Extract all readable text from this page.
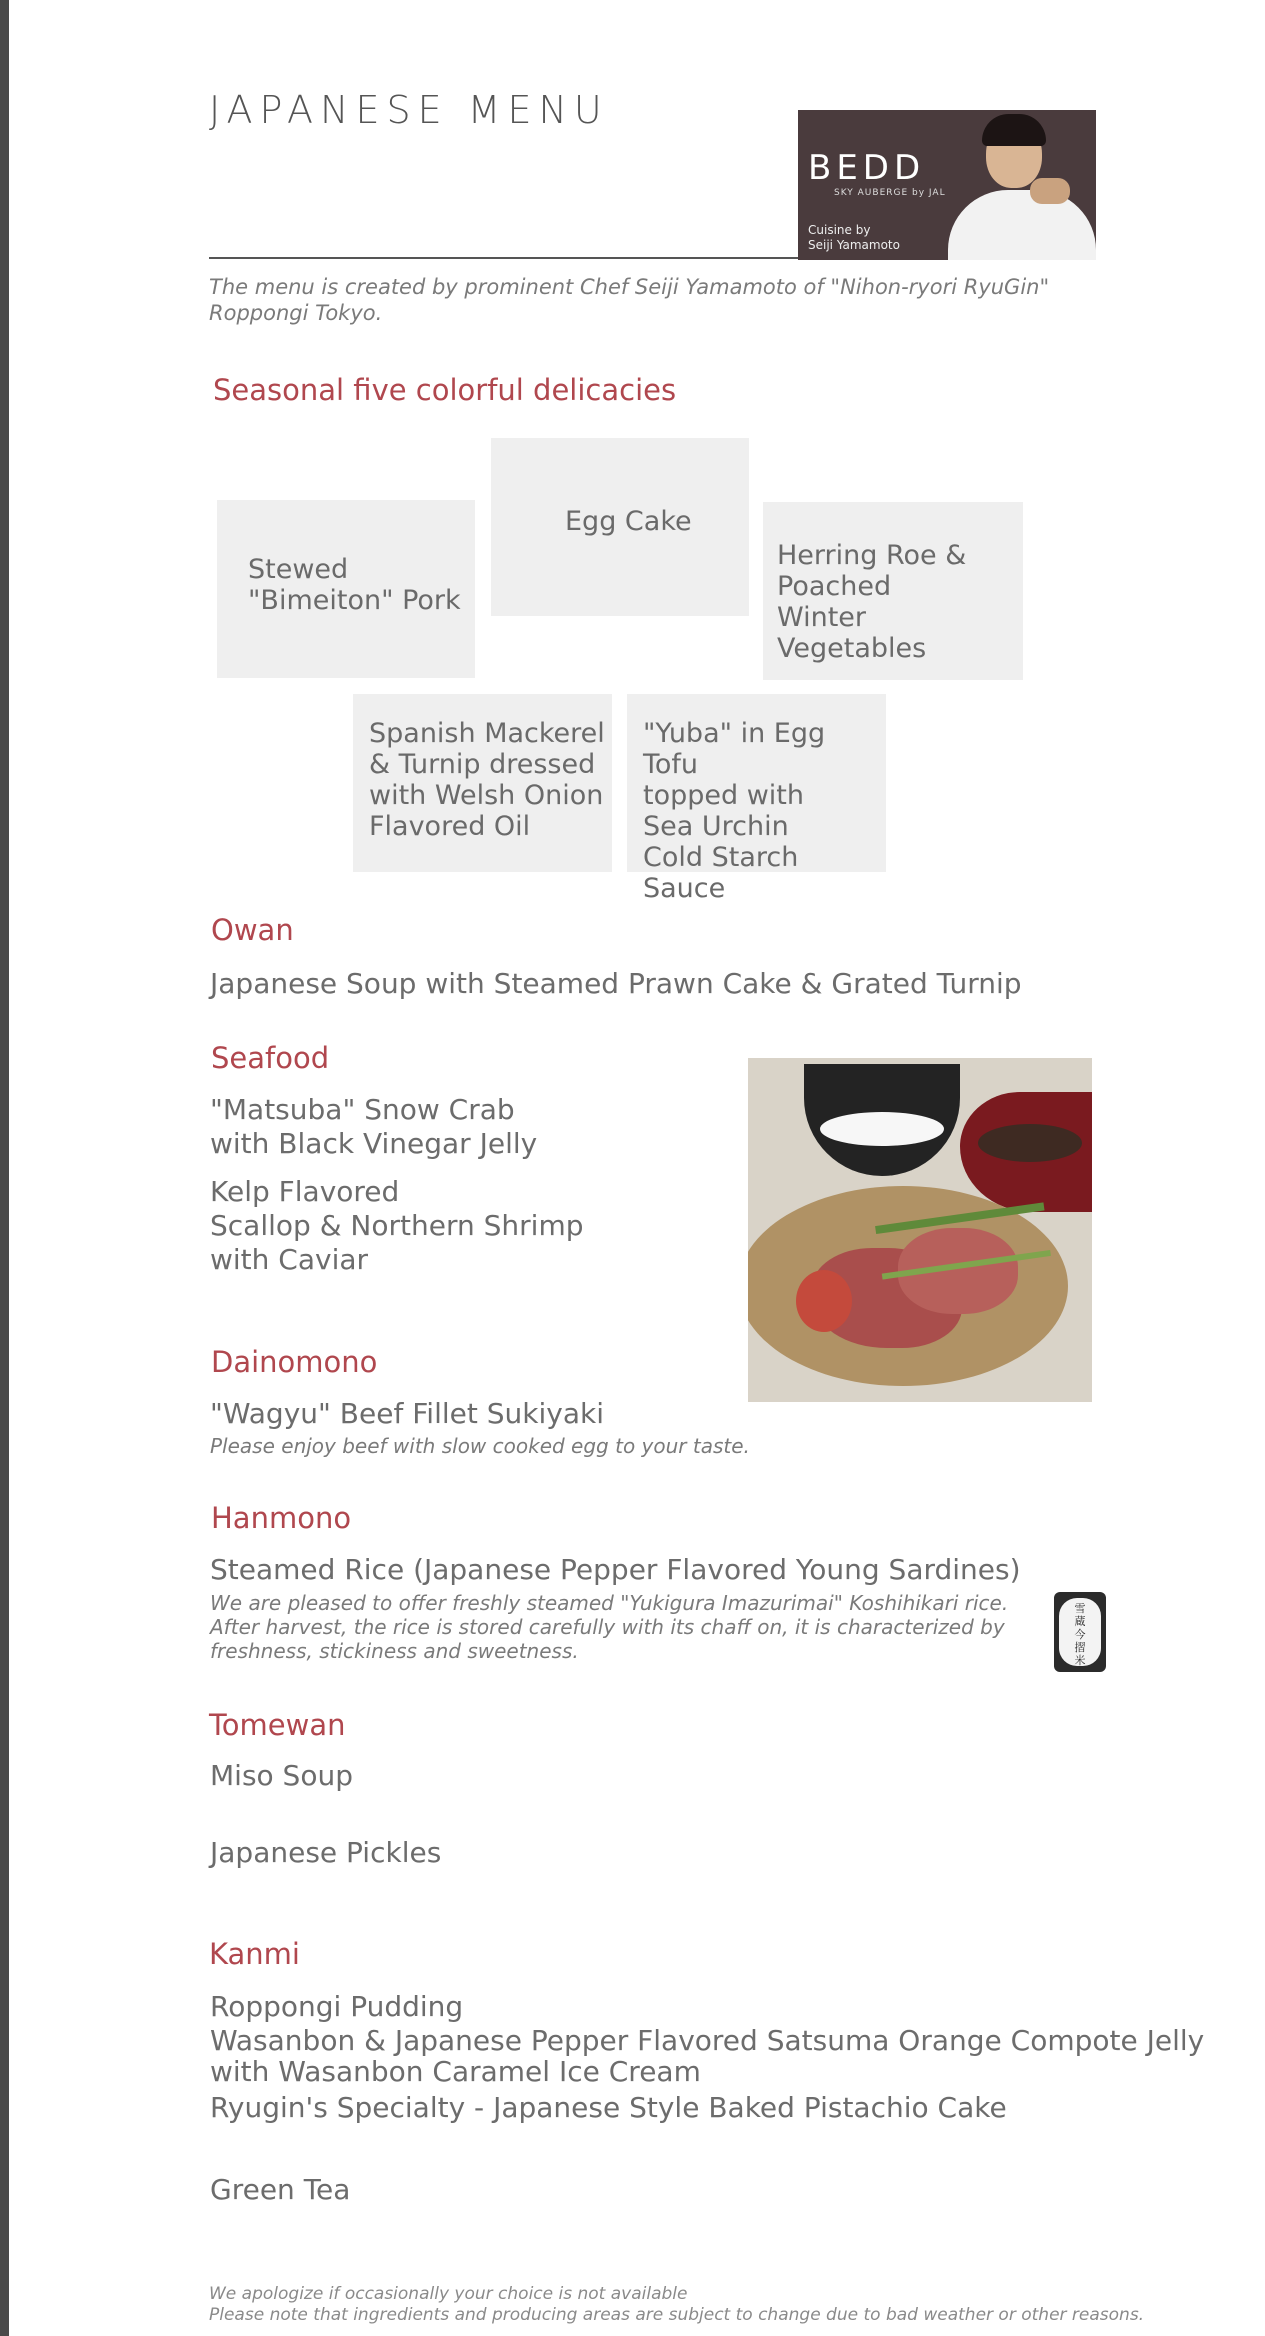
JAPANESE MENU
BEDD
SKY AUBERGE by JAL
Cuisine by
Seiji Yamamoto
The menu is created by prominent Chef Seiji Yamamoto of "Nihon-ryori RyuGin" Roppongi Tokyo.
Seasonal five colorful delicacies
Stewed
"Bimeiton" Pork
Egg Cake
Herring Roe &
Poached
Winter Vegetables
Spanish Mackerel
& Turnip dressed
with Welsh Onion
Flavored Oil
"Yuba" in Egg Tofu
topped with
Sea Urchin
Cold Starch Sauce
Owan
Japanese Soup with Steamed Prawn Cake & Grated Turnip
Seafood
"Matsuba" Snow Crab
with Black Vinegar Jelly
Kelp Flavored
Scallop & Northern Shrimp
with Caviar
Dainomono
"Wagyu" Beef Fillet Sukiyaki
Please enjoy beef with slow cooked egg to your taste.
Hanmono
Steamed Rice (Japanese Pepper Flavored Young Sardines)
We are pleased to offer freshly steamed "Yukigura Imazurimai" Koshihikari rice.
After harvest, the rice is stored carefully with its chaff on, it is characterized by
freshness, stickiness and sweetness.
雪
蔵
今
摺
米
Tomewan
Miso Soup
Japanese Pickles
Kanmi
Roppongi Pudding
Wasanbon & Japanese Pepper Flavored Satsuma Orange Compote Jelly
with Wasanbon Caramel Ice Cream
Ryugin's Specialty - Japanese Style Baked Pistachio Cake
Green Tea
We apologize if occasionally your choice is not available
Please note that ingredients and producing areas are subject to change due to bad weather or other reasons.
